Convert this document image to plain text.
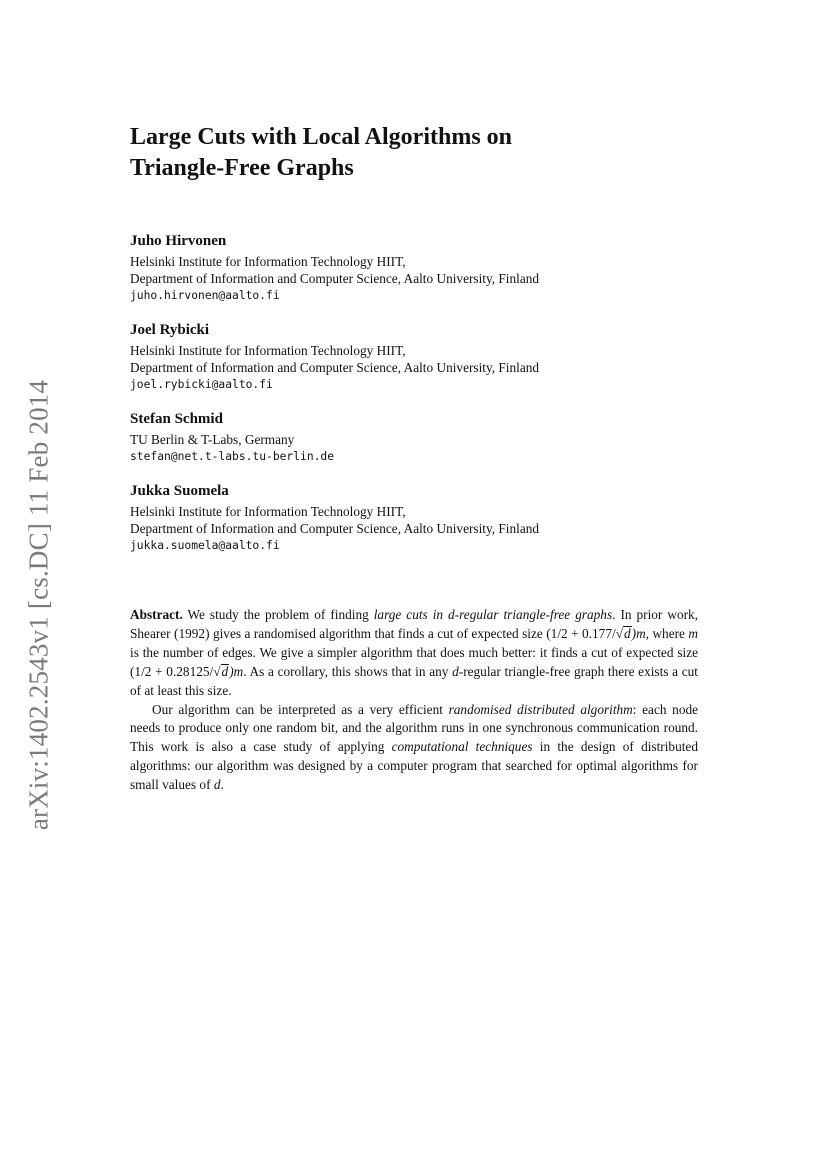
arXiv:1402.2543v1 [cs.DC] 11 Feb 2014
Large Cuts with Local Algorithms on
Triangle-Free Graphs
Juho Hirvonen
Helsinki Institute for Information Technology HIIT,
Department of Information and Computer Science, Aalto University, Finland
juho.hirvonen@aalto.fi
Joel Rybicki
Helsinki Institute for Information Technology HIIT,
Department of Information and Computer Science, Aalto University, Finland
joel.rybicki@aalto.fi
Stefan Schmid
TU Berlin & T-Labs, Germany
stefan@net.t-labs.tu-berlin.de
Jukka Suomela
Helsinki Institute for Information Technology HIIT,
Department of Information and Computer Science, Aalto University, Finland
jukka.suomela@aalto.fi

Abstract. We study the problem of finding large cuts in d-regular triangle-free graphs. In prior work, Shearer (1992) gives a randomised algorithm that finds a cut of expected size (1/2 + 0.177/√d)m, where m is the number of edges. We give a simpler algorithm that does much better: it finds a cut of expected size (1/2 + 0.28125/√d)m. As a corollary, this shows that in any d-regular triangle-free graph there exists a cut of at least this size.

Our algorithm can be interpreted as a very efficient randomised distributed algorithm: each node needs to produce only one random bit, and the algorithm runs in one synchronous communication round. This work is also a case study of applying computational techniques in the design of distributed algorithms: our algorithm was designed by a computer program that searched for optimal algorithms for small values of d.
